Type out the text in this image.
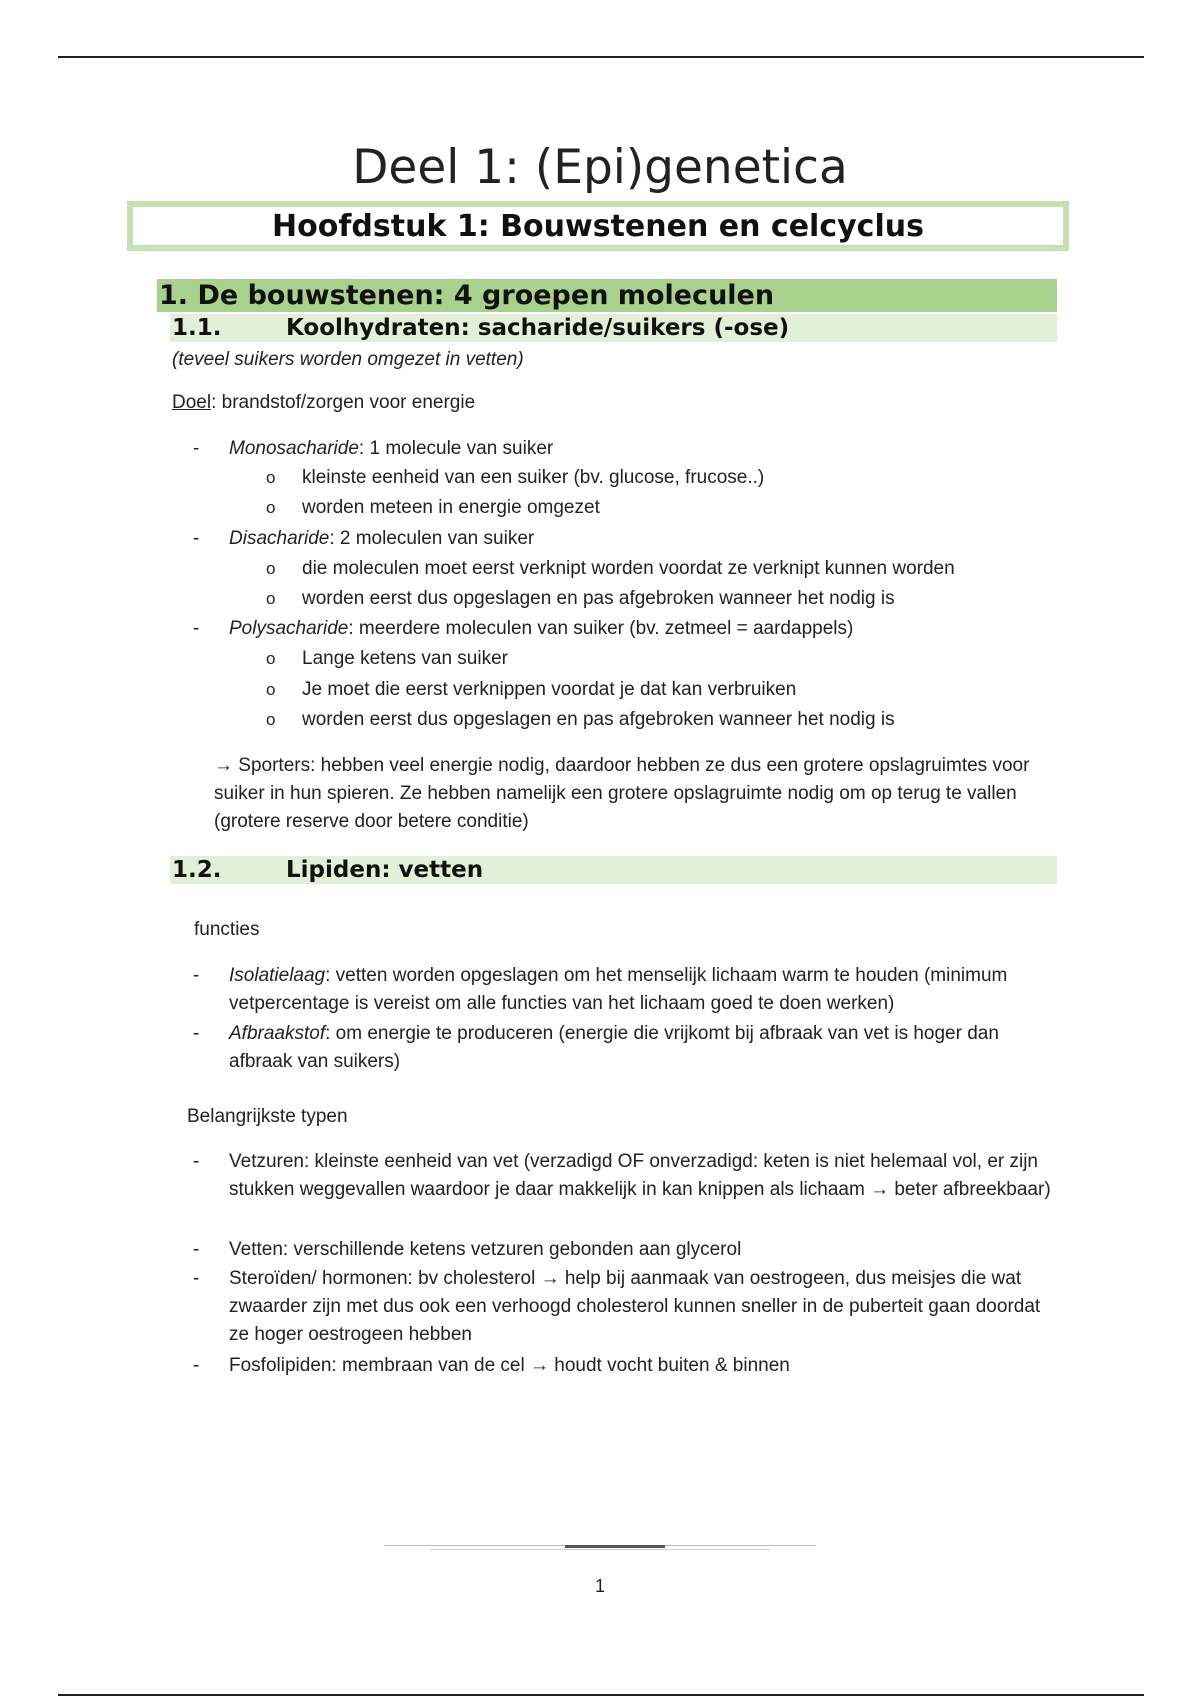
Deel 1: (Epi)genetica
Hoofdstuk 1: Bouwstenen en celcyclus
1. De bouwstenen: 4 groepen moleculen
1.1.	Koolhydraten: sacharide/suikers (-ose)

(teveel suikers worden omgezet in vetten)

Doel: brandstof/zorgen voor energie

- Monosacharide: 1 molecule van suiker
o kleinste eenheid van een suiker (bv. glucose, frucose..)
o worden meteen in energie omgezet
- Disacharide: 2 moleculen van suiker
o die moleculen moet eerst verknipt worden voordat ze verknipt kunnen worden
o worden eerst dus opgeslagen en pas afgebroken wanneer het nodig is
- Polysacharide: meerdere moleculen van suiker (bv. zetmeel = aardappels)
o Lange ketens van suiker
o Je moet die eerst verknippen voordat je dat kan verbruiken
o worden eerst dus opgeslagen en pas afgebroken wanneer het nodig is

→ Sporters: hebben veel energie nodig, daardoor hebben ze dus een grotere opslagruimtes voor suiker in hun spieren. Ze hebben namelijk een grotere opslagruimte nodig om op terug te vallen (grotere reserve door betere conditie)

1.2.	Lipiden: vetten

functies

- Isolatielaag: vetten worden opgeslagen om het menselijk lichaam warm te houden (minimum vetpercentage is vereist om alle functies van het lichaam goed te doen werken)
- Afbraakstof: om energie te produceren (energie die vrijkomt bij afbraak van vet is hoger dan afbraak van suikers)

Belangrijkste typen

- Vetzuren: kleinste eenheid van vet (verzadigd OF onverzadigd: keten is niet helemaal vol, er zijn stukken weggevallen waardoor je daar makkelijk in kan knippen als lichaam → beter afbreekbaar)
- Vetten: verschillende ketens vetzuren gebonden aan glycerol
- Steroïden/ hormonen: bv cholesterol → help bij aanmaak van oestrogeen, dus meisjes die wat zwaarder zijn met dus ook een verhoogd cholesterol kunnen sneller in de puberteit gaan doordat ze hoger oestrogeen hebben
- Fosfolipiden: membraan van de cel → houdt vocht buiten & binnen
1
